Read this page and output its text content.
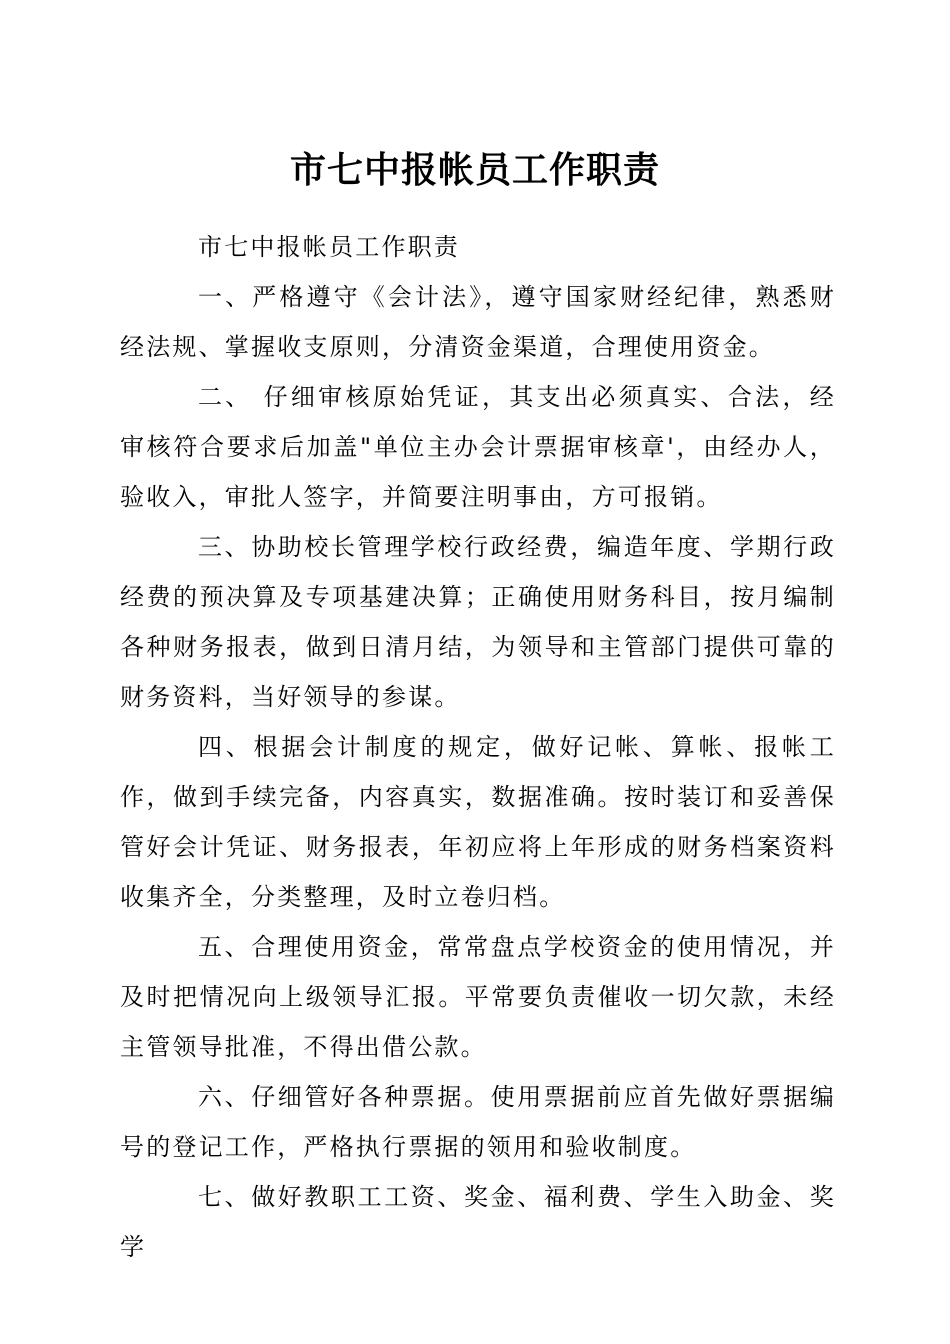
市七中报帐员工作职责

市七中报帐员工作职责

一、严格遵守《会计法》，遵守国家财经纪律，熟悉财经法规、掌握收支原则，分清资金渠道，合理使用资金。

二、 仔细审核原始凭证，其支出必须真实、合法，经审核符合要求后加盖"单位主办会计票据审核章'，由经办人，验收入，审批人签字，并简要注明事由，方可报销。

三、协助校长管理学校行政经费，编造年度、学期行政经费的预决算及专项基建决算；正确使用财务科目，按月编制各种财务报表，做到日清月结，为领导和主管部门提供可靠的财务资料，当好领导的参谋。

四、根据会计制度的规定，做好记帐、算帐、报帐工作，做到手续完备，内容真实，数据准确。按时装订和妥善保管好会计凭证、财务报表，年初应将上年形成的财务档案资料收集齐全，分类整理，及时立卷归档。

五、合理使用资金，常常盘点学校资金的使用情况，并及时把情况向上级领导汇报。平常要负责催收一切欠款，未经主管领导批准，不得出借公款。

六、仔细管好各种票据。使用票据前应首先做好票据编号的登记工作，严格执行票据的领用和验收制度。

七、做好教职工工资、奖金、福利费、学生入助金、奖学
